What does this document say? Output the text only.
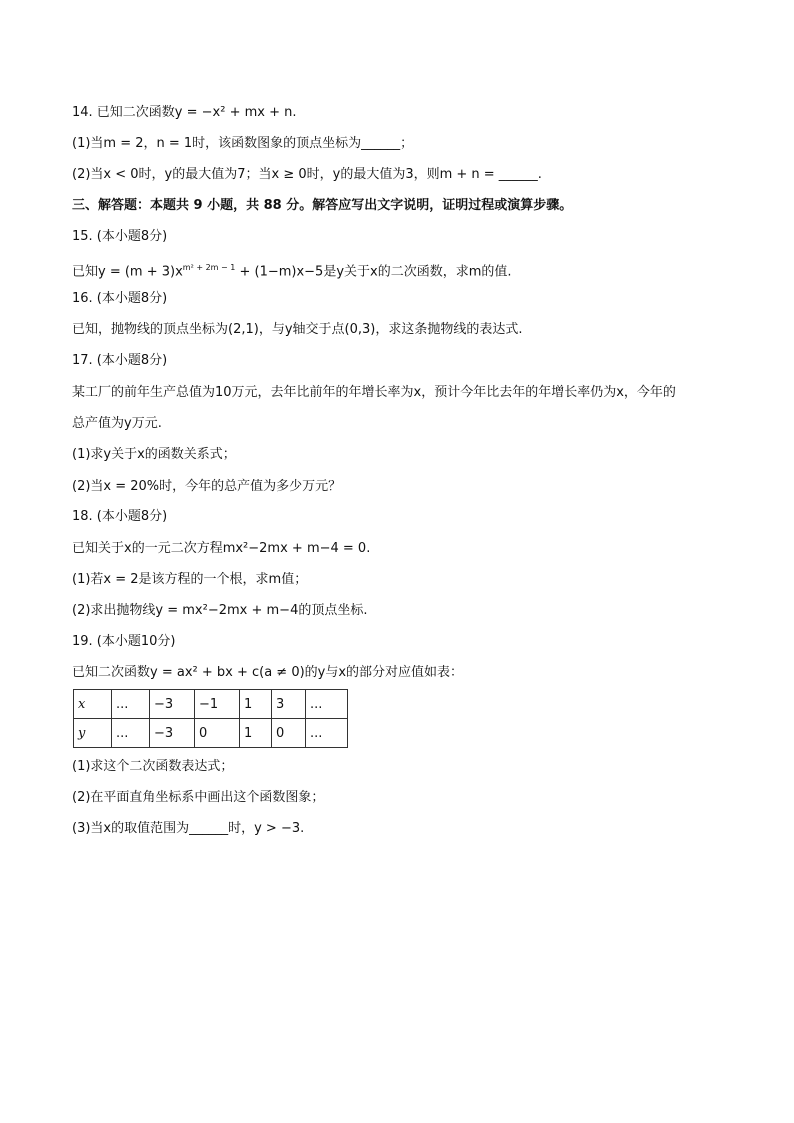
14. 已知二次函数y = −x² + mx + n.
(1)当m = 2，n = 1时，该函数图象的顶点坐标为______；
(2)当x < 0时，y的最大值为7；当x ≥ 0时，y的最大值为3，则m + n = ______.
三、解答题：本题共 9 小题，共 88 分。解答应写出文字说明，证明过程或演算步骤。
15. (本小题8分)
已知$y = (m + 3)x^{m^2 + 2m - 1} + (1-m)x-5$是y关于x的二次函数，求m的值.
16. (本小题8分)
已知，抛物线的顶点坐标为(2,1)，与y轴交于点(0,3)，求这条抛物线的表达式.
17. (本小题8分)
某工厂的前年生产总值为10万元，去年比前年的年增长率为x，预计今年比去年的年增长率仍为x，今年的
总产值为y万元.
(1)求y关于x的函数关系式；
(2)当x = 20%时，今年的总产值为多少万元？
18. (本小题8分)
已知关于x的一元二次方程mx²−2mx + m−4 = 0.
(1)若x = 2是该方程的一个根，求m值；
(2)求出抛物线y = mx²−2mx + m−4的顶点坐标.
19. (本小题10分)
已知二次函数y = ax² + bx + c(a ≠ 0)的y与x的部分对应值如表：
x	...	−3	−1	1	3	...
y	...	−3	0	1	0	...
(1)求这个二次函数表达式；
(2)在平面直角坐标系中画出这个函数图象；
(3)当x的取值范围为______时，y > −3.
